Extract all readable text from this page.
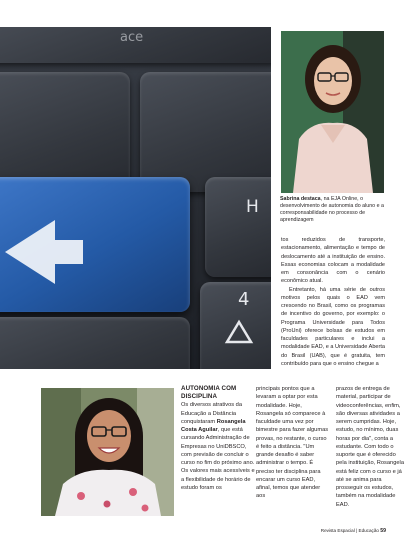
ace
H
4
Sabrina destaca, na EJA Online, o desenvolvimento de autonomia do aluno e a corresponsabilidade no processo de aprendizagem

tos reduzidos de transporte, estacionamento, alimentação e tempo de deslocamento até a instituição de ensino. Essas economias colocam a modalidade em consonância com o cenário econômico atual.

Entretanto, há uma série de outros motivos pelos quais o EAD vem crescendo no Brasil, como os programas de incentivo do governo, por exemplo: o Programa Universidade para Todos (ProUni) oferece bolsas de estudos em faculdades particulares e inclui a modalidade EAD, e a Universidade Aberta do Brasil (UAB), que é gratuita, tem contribuído para que o ensino chegue a

AUTONOMIA COM DISCIPLINA

Os diversos atrativos da Educação a Distância conquistaram Rosangela Costa Aguilar, que está cursando Administração de Empresas no UniDBSCO, com previsão de concluir o curso no fim do próximo ano. Os valores mais acessíveis e a flexibilidade de horário de estudo foram os

principais pontos que a levaram a optar por esta modalidade. Hoje, Rosangela só comparece à faculdade uma vez por bimestre para fazer algumas provas, no restante, o curso é feito a distância. "Um grande desafio é saber administrar o tempo. É preciso ter disciplina para encarar um curso EAD, afinal, temos que atender aos

prazos de entrega de material, participar de videoconferências, enfim, são diversas atividades a serem cumpridas. Hoje, estudo, no mínimo, duas horas por dia", conta a estudante. Com todo o suporte que é oferecido pela instituição, Rosangela está feliz com o curso e já até se anima para prosseguir os estudos, também na modalidade EAD.

Revista Espacial | Educação 59
